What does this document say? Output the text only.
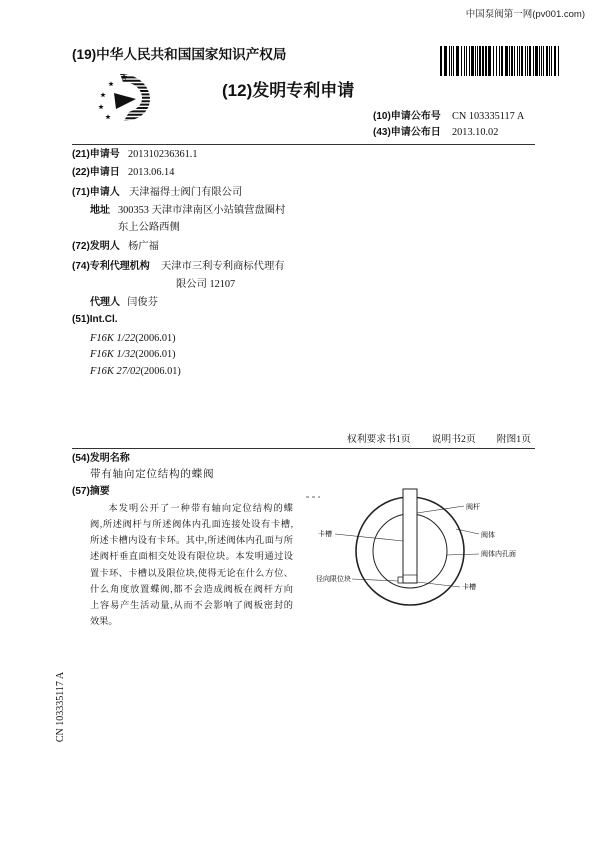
中国泵阀第一网(pv001.com)
(19)中华人民共和国国家知识产权局
(12)发明专利申请
(10)申请公布号 CN 103335117 A
(43)申请公布日 2013.10.02
(21)申请号 201310236361.1
(22)申请日 2013.06.14
(71)申请人 天津福得士阀门有限公司
地址 300353 天津市津南区小站镇营盘圈村
东上公路西侧
(72)发明人 杨广福
(74)专利代理机构 天津市三利专利商标代理有
限公司 12107
代理人 闫俊芬
(51)Int.Cl.
F16K 1/22(2006.01)
F16K 1/32(2006.01)
F16K 27/02(2006.01)
权利要求书1页 说明书2页 附图1页
(54)发明名称
带有轴向定位结构的蝶阀
(57)摘要
本发明公开了一种带有轴向定位结构的蝶
阀,所述阀杆与所述阀体内孔面连接处设有卡槽,
所述卡槽内设有卡环。其中,所述阀体内孔面与所
述阀杆垂直面相交处设有限位块。本发明通过设
置卡环、卡槽以及限位块,使得无论在什么方位、
什么角度放置蝶阀,都不会造成阀板在阀杆方向
上容易产生活动量,从而不会影响了阀板密封的
效果。
阀杆
卡槽	阀体
阀体内孔面
径向限位块
卡槽
CN 103335117 A
